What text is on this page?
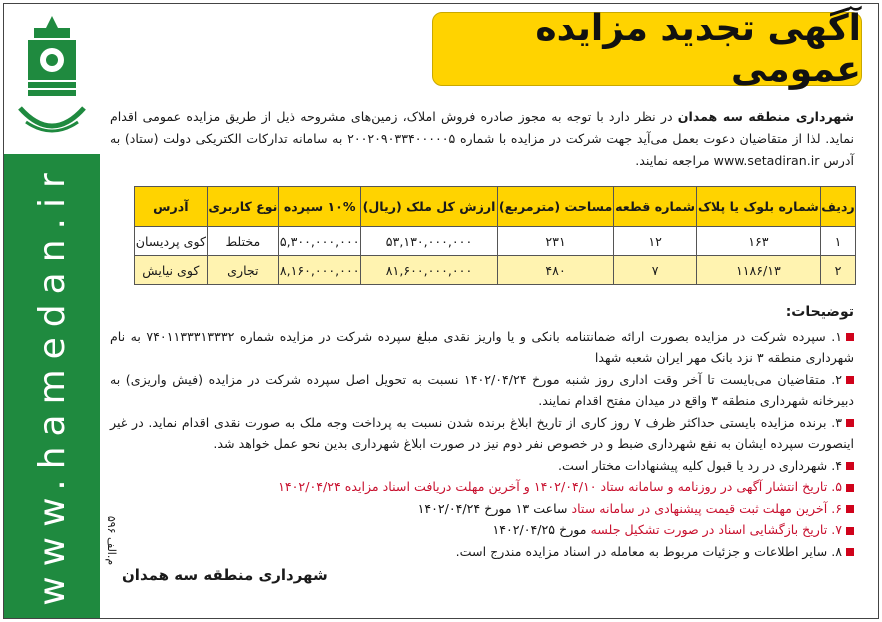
www.hamedan.ir
آگهی تجدید مزایده عمومی

شهرداری منطقه سه همدان در نظر دارد با توجه به مجوز صادره فروش املاک، زمین‌های مشروحه ذیل از طریق مزایده عمومی اقدام نماید. لذا از متقاضیان دعوت بعمل می‌آید جهت شرکت در مزایده با شماره ۲۰۰۲۰۹۰۳۳۴۰۰۰۰۰۵ به سامانه تدارکات الکتریکی دولت (ستاد) به آدرس www.setadiran.ir مراجعه نمایند.

ردیف	شماره بلوک یا پلاک	شماره قطعه	مساحت (مترمربع)	ارزش کل ملک (ریال)	۱۰% سپرده	نوع کاربری	آدرس
۱	۱۶۳	۱۲	۲۳۱	۵۳,۱۳۰,۰۰۰,۰۰۰	۵,۳۰۰,۰۰۰,۰۰۰	مختلط	کوی پردیسان
۲	۱۱۸۶/۱۳	۷	۴۸۰	۸۱,۶۰۰,۰۰۰,۰۰۰	۸,۱۶۰,۰۰۰,۰۰۰	تجاری	کوی نیایش
توضیحات:

۱. سپرده شرکت در مزایده بصورت ارائه ضمانتنامه بانکی و یا واریز نقدی مبلغ سپرده شرکت در مزایده شماره ۷۴۰۱۱۳۳۳۱۳۳۳۲ به نام شهرداری منطقه ۳ نزد بانک مهر ایران شعبه شهدا

۲. متقاضیان می‌بایست تا آخر وقت اداری روز شنبه مورخ ۱۴۰۲/۰۴/۲۴ نسبت به تحویل اصل سپرده شرکت در مزایده (فیش واریزی) به دبیرخانه شهرداری منطقه ۳ واقع در میدان مفتح اقدام نمایند.

۳. برنده مزایده بایستی حداکثر ظرف ۷ روز کاری از تاریخ ابلاغ برنده شدن نسبت به پرداخت وجه ملک به صورت نقدی اقدام نماید. در غیر اینصورت سپرده ایشان به نفع شهرداری ضبط و در خصوص نفر دوم نیز در صورت ابلاغ شهرداری بدین نحو عمل خواهد شد.

۴. شهرداری در رد یا قبول کلیه پیشنهادات مختار است.

۵. تاریخ انتشار آگهی در روزنامه و سامانه ستاد ۱۴۰۲/۰۴/۱۰ و آخرین مهلت دریافت اسناد مزایده ۱۴۰۲/۰۴/۲۴

۶. آخرین مهلت ثبت قیمت پیشنهادی در سامانه ستاد ساعت ۱۳ مورخ ۱۴۰۲/۰۴/۲۴

۷. تاریخ بازگشایی اسناد در صورت تشکیل جلسه مورخ ۱۴۰۲/۰۴/۲۵

۸. سایر اطلاعات و جزئیات مربوط به معامله در اسناد مزایده مندرج است.

م.الف ۵۹۶
شهرداری منطقه سه همدان
